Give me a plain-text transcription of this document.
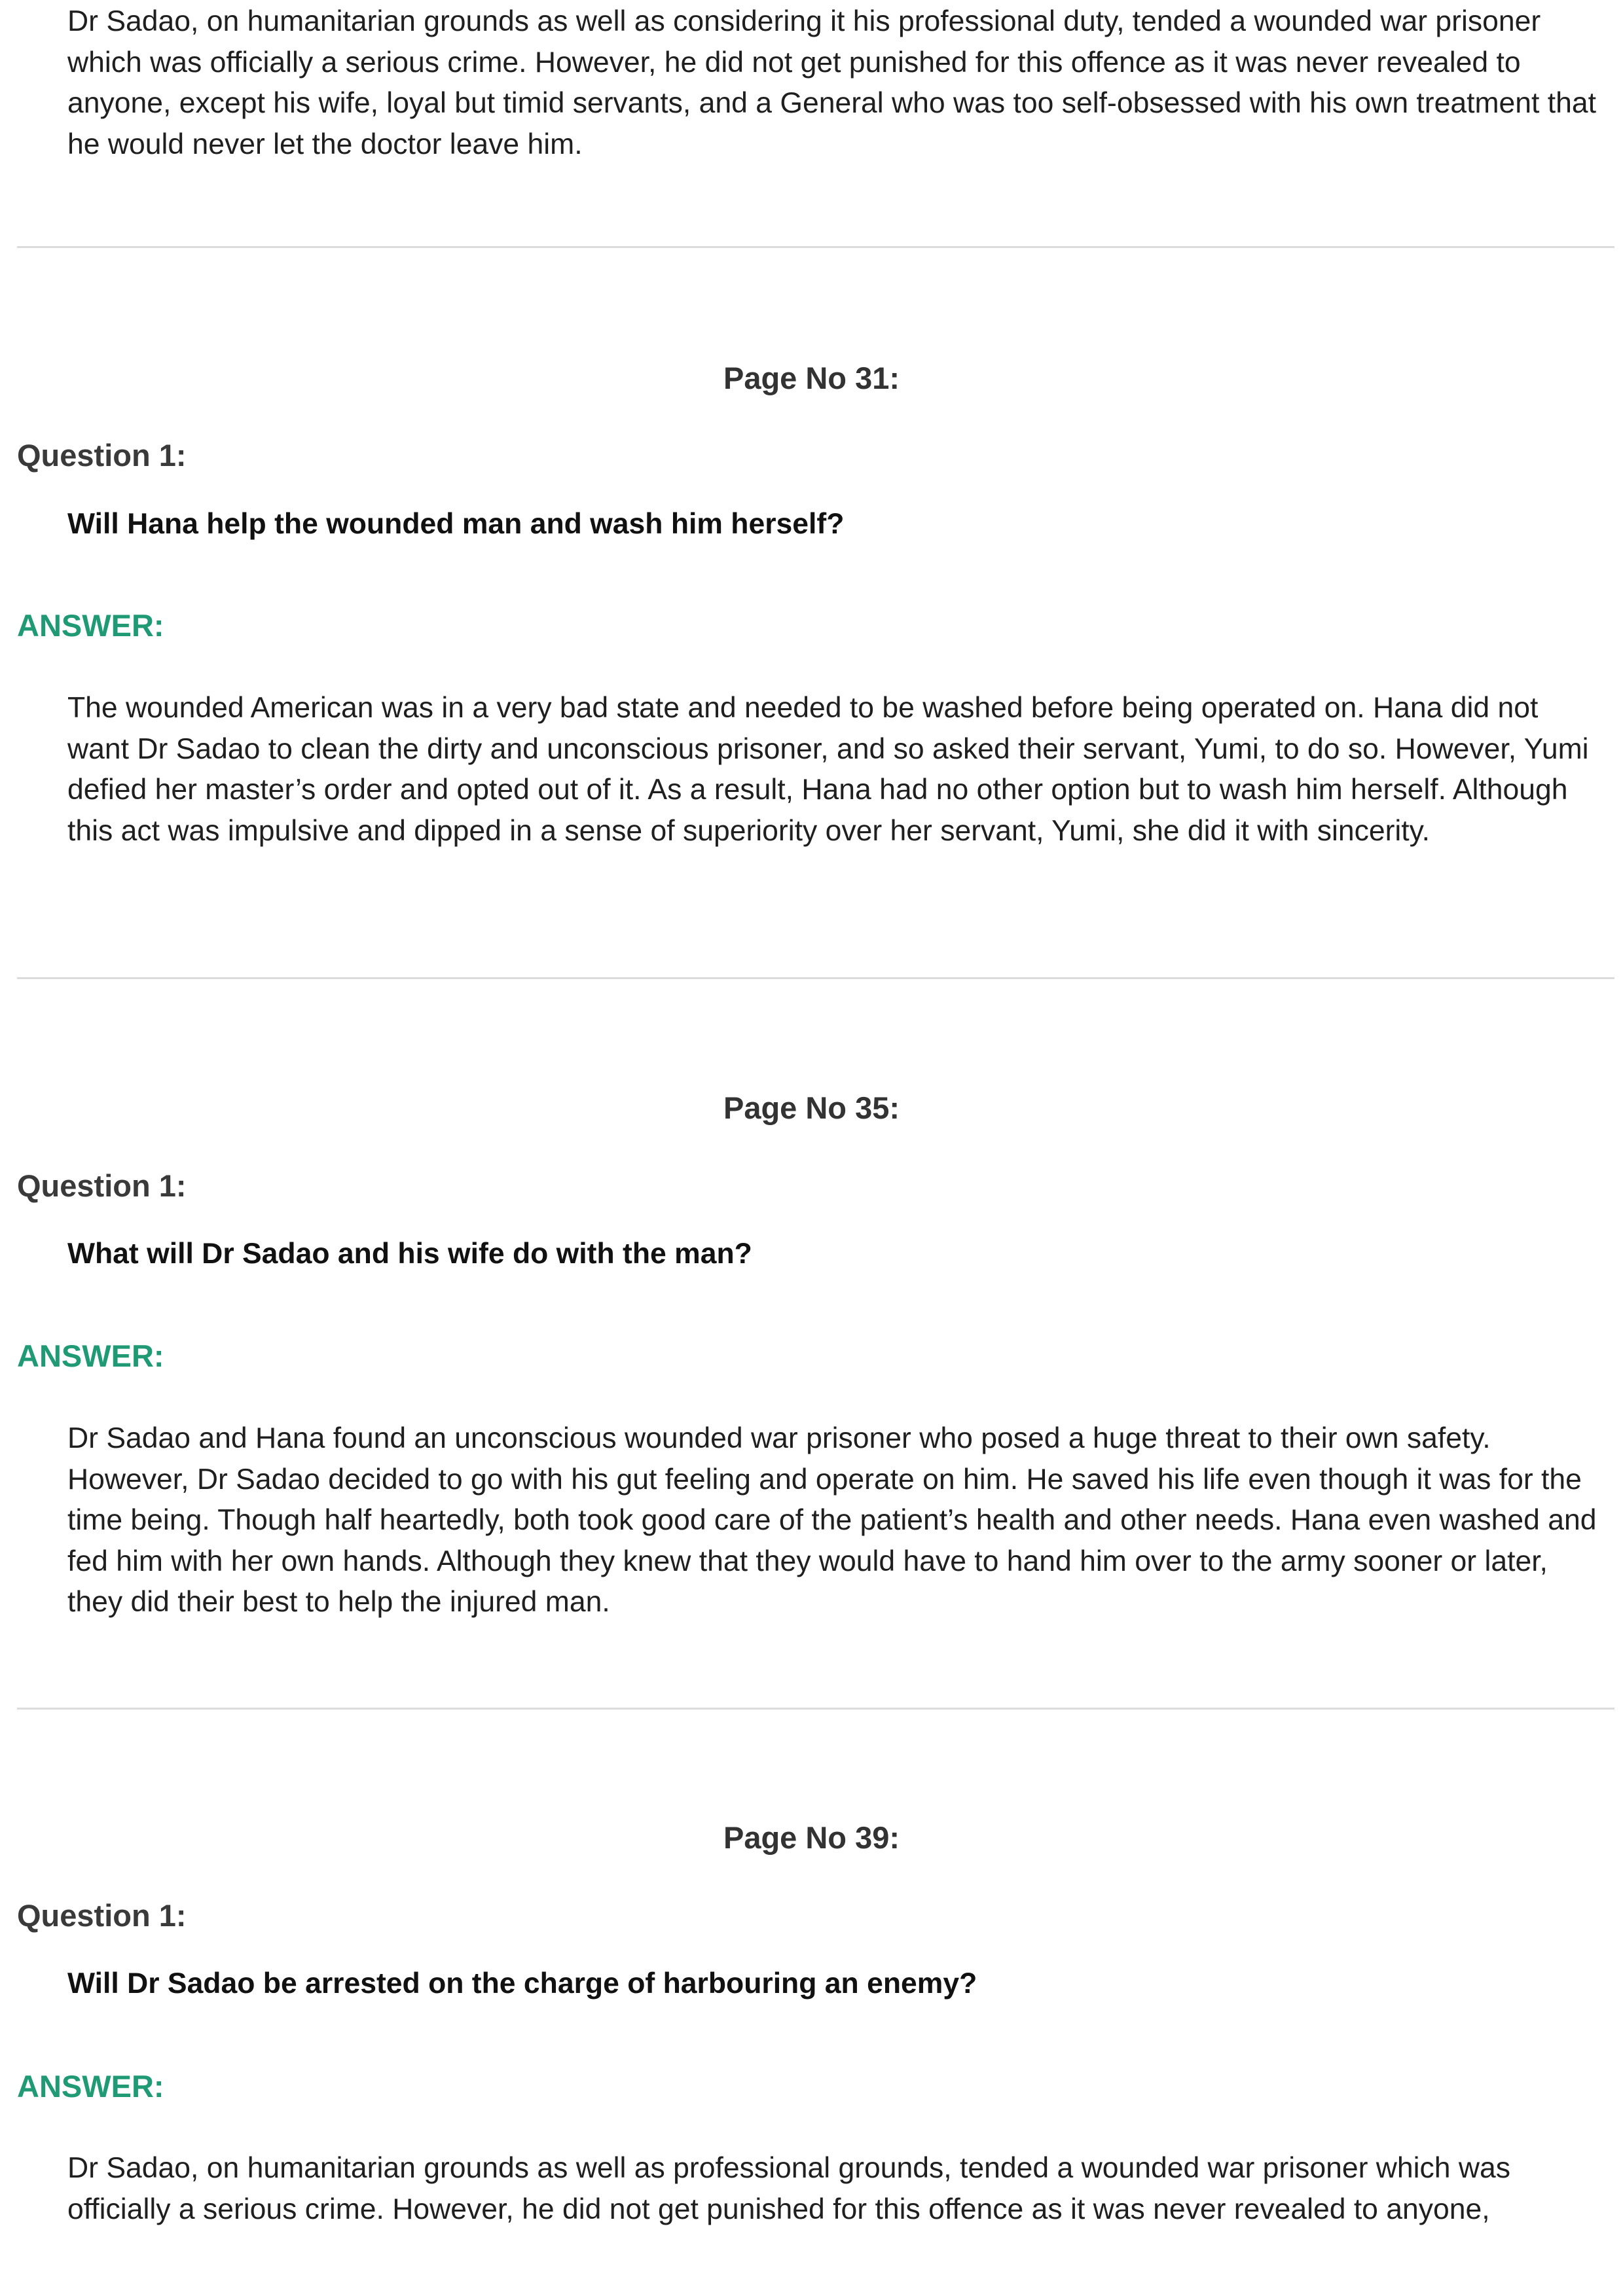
Dr Sadao, on humanitarian grounds as well as considering it his professional duty, tended a wounded war prisoner which was officially a serious crime. However, he did not get punished for this offence as it was never revealed to anyone, except his wife, loyal but timid servants, and a General who was too self-obsessed with his own treatment that he would never let the doctor leave him.

Page No 31:
Question 1:

Will Hana help the wounded man and wash him herself?

ANSWER:

The wounded American was in a very bad state and needed to be washed before being operated on. Hana did not want Dr Sadao to clean the dirty and unconscious prisoner, and so asked their servant, Yumi, to do so. However, Yumi defied her master’s order and opted out of it. As a result, Hana had no other option but to wash him herself. Although this act was impulsive and dipped in a sense of superiority over her servant, Yumi, she did it with sincerity.

Page No 35:
Question 1:

What will Dr Sadao and his wife do with the man?

ANSWER:

Dr Sadao and Hana found an unconscious wounded war prisoner who posed a huge threat to their own safety. However, Dr Sadao decided to go with his gut feeling and operate on him. He saved his life even though it was for the time being. Though half heartedly, both took good care of the patient’s health and other needs. Hana even washed and fed him with her own hands. Although they knew that they would have to hand him over to the army sooner or later, they did their best to help the injured man.

Page No 39:
Question 1:

Will Dr Sadao be arrested on the charge of harbouring an enemy?

ANSWER:

Dr Sadao, on humanitarian grounds as well as professional grounds, tended a wounded war prisoner which was officially a serious crime. However, he did not get punished for this offence as it was never revealed to anyone,
